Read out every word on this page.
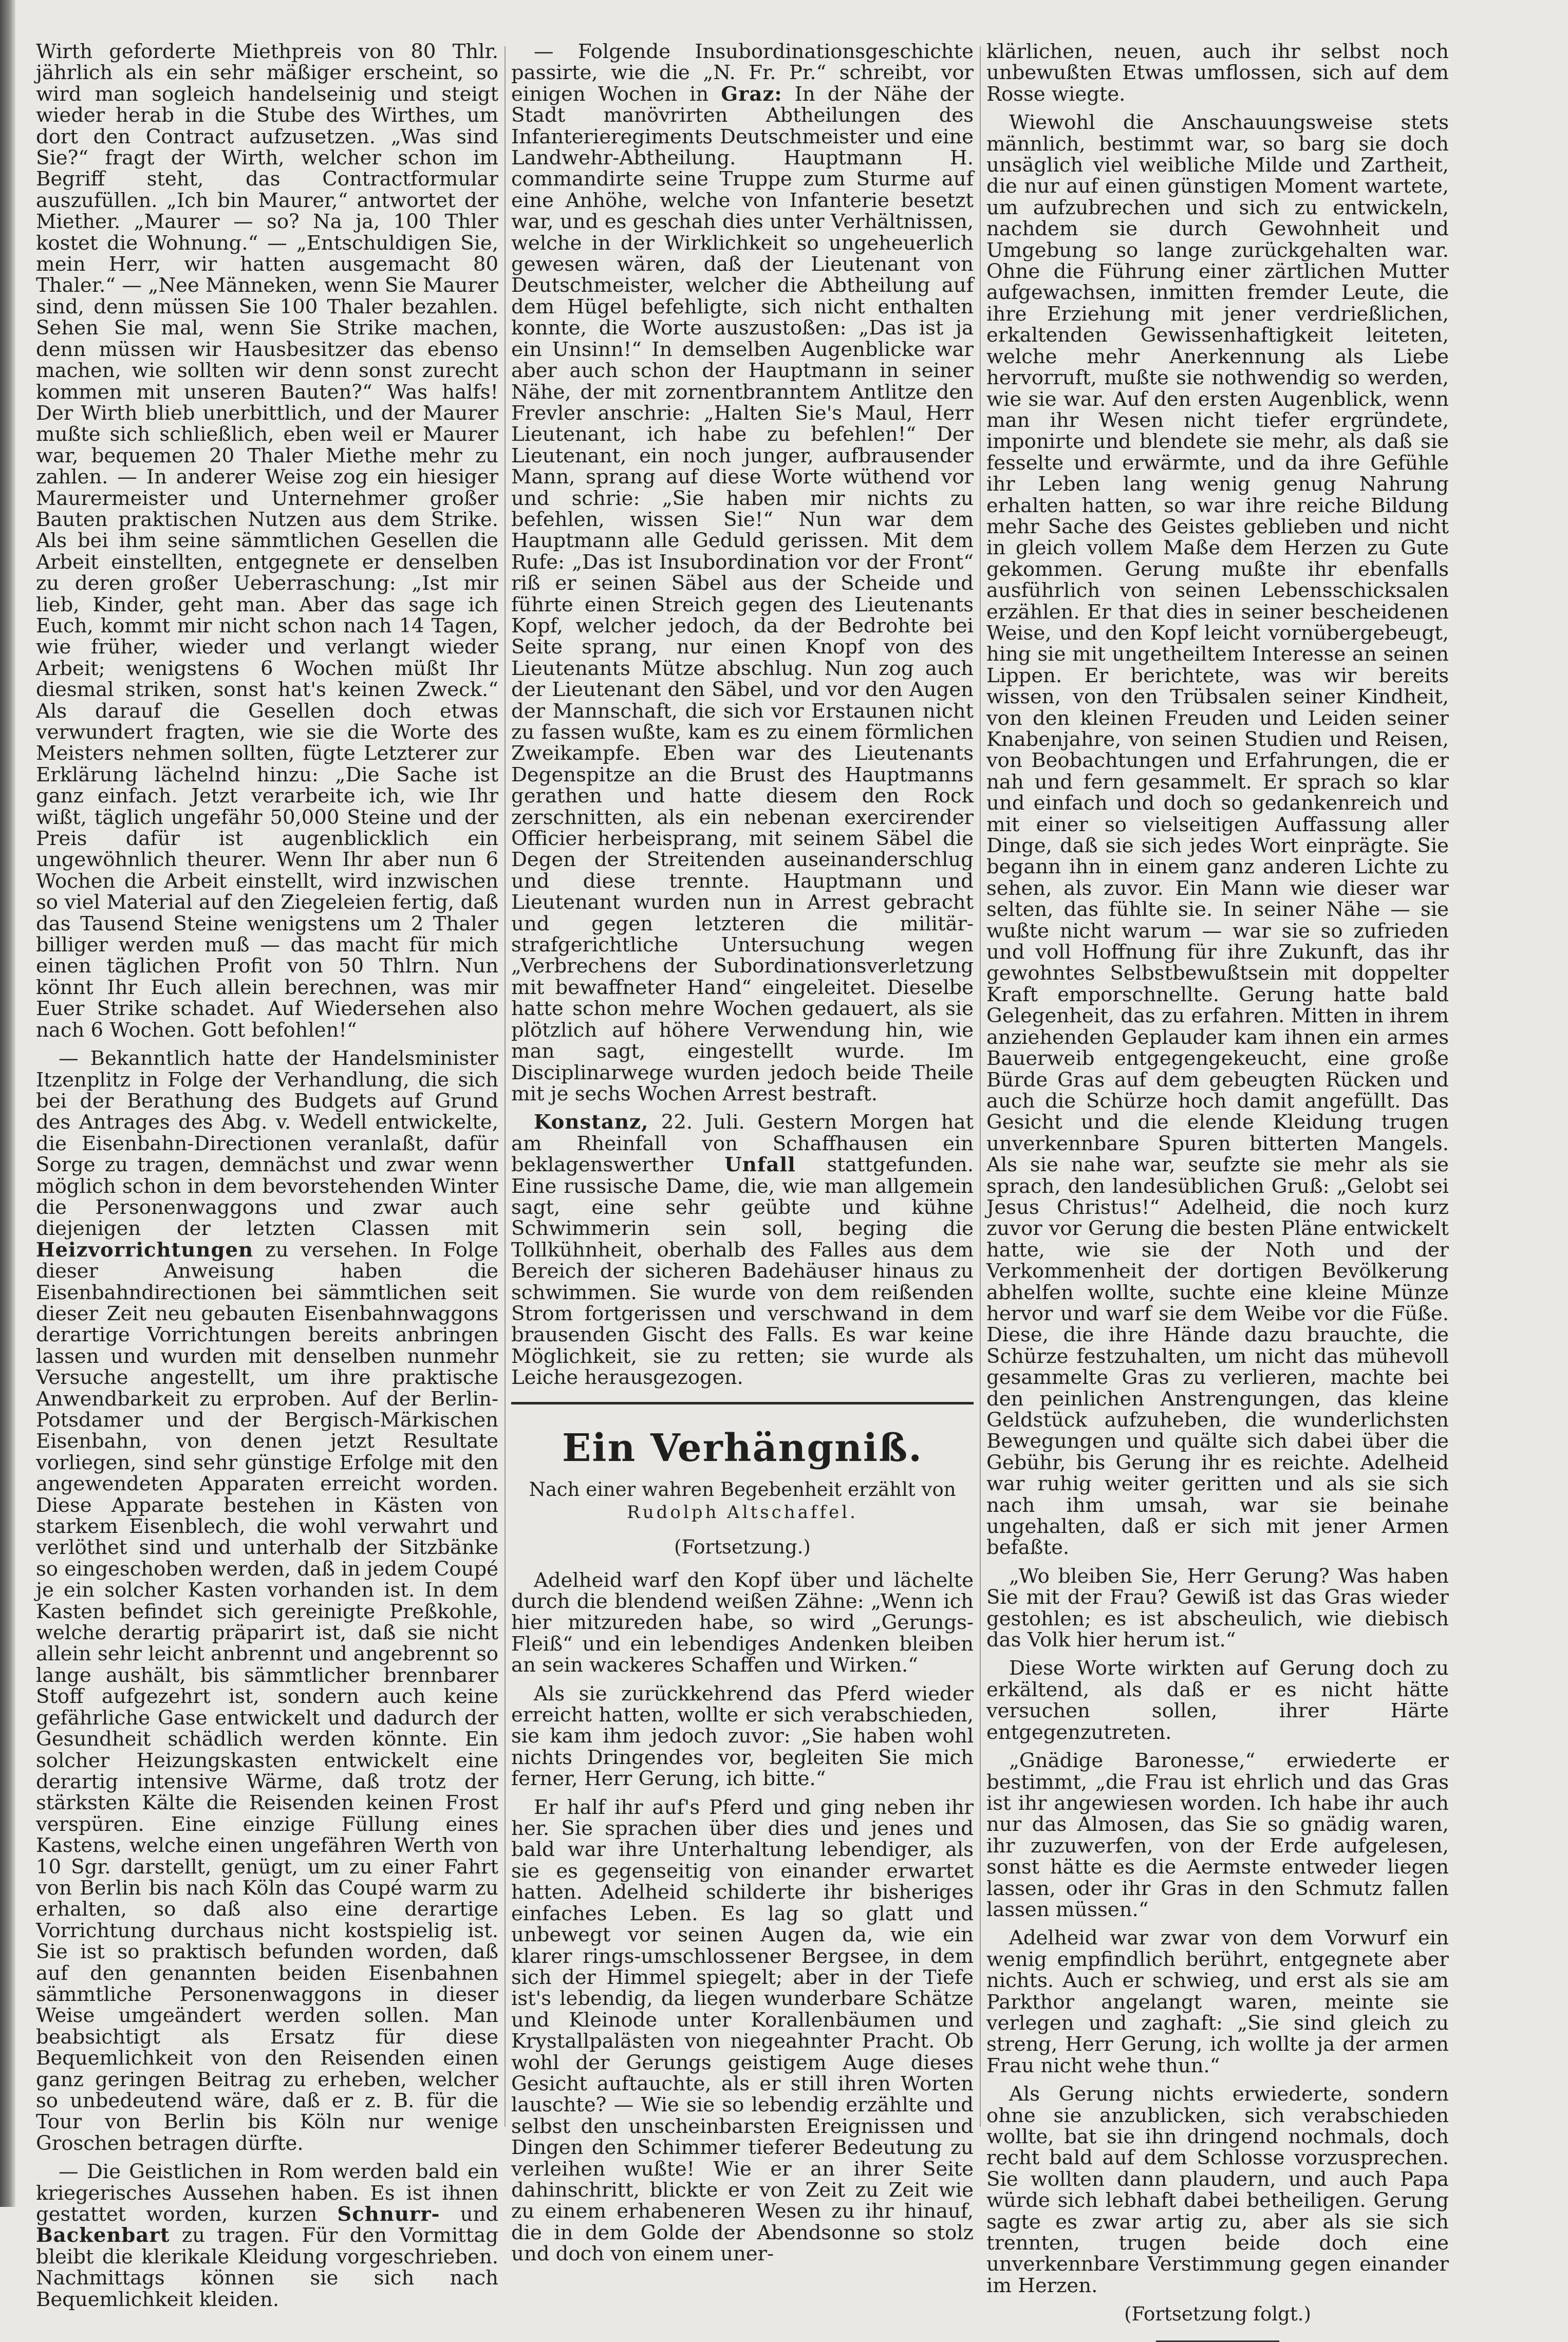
Wirth geforderte Miethpreis von 80 Thlr. jährlich als ein sehr mäßiger erscheint, so wird man sogleich handelseinig und steigt wieder herab in die Stube des Wirthes, um dort den Contract aufzusetzen. „Was sind Sie?“ fragt der Wirth, welcher schon im Begriff steht, das Contractformular auszufüllen. „Ich bin Maurer,“ antwortet der Miether. „Maurer — so? Na ja, 100 Thler kostet die Wohnung.“ — „Entschuldigen Sie, mein Herr, wir hatten ausgemacht 80 Thaler.“ — „Nee Männeken, wenn Sie Maurer sind, denn müssen Sie 100 Thaler bezahlen. Sehen Sie mal, wenn Sie Strike machen, denn müssen wir Hausbesitzer das ebenso machen, wie sollten wir denn sonst zurecht kommen mit unseren Bauten?“ Was halfs! Der Wirth blieb unerbittlich, und der Maurer mußte sich schließlich, eben weil er Maurer war, bequemen 20 Thaler Miethe mehr zu zahlen. — In anderer Weise zog ein hiesiger Maurermeister und Unternehmer großer Bauten praktischen Nutzen aus dem Strike. Als bei ihm seine sämmtlichen Gesellen die Arbeit einstellten, entgegnete er denselben zu deren großer Ueberraschung: „Ist mir lieb, Kinder, geht man. Aber das sage ich Euch, kommt mir nicht schon nach 14 Tagen, wie früher, wieder und verlangt wieder Arbeit; wenigstens 6 Wochen müßt Ihr diesmal striken, sonst hat's keinen Zweck.“ Als darauf die Gesellen doch etwas verwundert fragten, wie sie die Worte des Meisters nehmen sollten, fügte Letzterer zur Erklärung lächelnd hinzu: „Die Sache ist ganz einfach. Jetzt verarbeite ich, wie Ihr wißt, täglich ungefähr 50,000 Steine und der Preis dafür ist augenblicklich ein ungewöhnlich theurer. Wenn Ihr aber nun 6 Wochen die Arbeit einstellt, wird inzwischen so viel Material auf den Ziegeleien fertig, daß das Tausend Steine wenigstens um 2 Thaler billiger werden muß — das macht für mich einen täglichen Profit von 50 Thlrn. Nun könnt Ihr Euch allein berechnen, was mir Euer Strike schadet. Auf Wiedersehen also nach 6 Wochen. Gott befohlen!“

— Bekanntlich hatte der Handelsminister Itzenplitz in Folge der Verhandlung, die sich bei der Berathung des Budgets auf Grund des Antrages des Abg. v. Wedell entwickelte, die Eisenbahn-Directionen veranlaßt, dafür Sorge zu tragen, demnächst und zwar wenn möglich schon in dem bevorstehenden Winter die Personenwaggons und zwar auch diejenigen der letzten Classen mit Heizvorrichtungen zu versehen. In Folge dieser Anweisung haben die Eisenbahndirectionen bei sämmtlichen seit dieser Zeit neu gebauten Eisenbahnwaggons derartige Vorrichtungen bereits anbringen lassen und wurden mit denselben nunmehr Versuche angestellt, um ihre praktische Anwendbarkeit zu erproben. Auf der Berlin-Potsdamer und der Bergisch-Märkischen Eisenbahn, von denen jetzt Resultate vorliegen, sind sehr günstige Erfolge mit den angewendeten Apparaten erreicht worden. Diese Apparate bestehen in Kästen von starkem Eisenblech, die wohl verwahrt und verlöthet sind und unterhalb der Sitzbänke so eingeschoben werden, daß in jedem Coupé je ein solcher Kasten vorhanden ist. In dem Kasten befindet sich gereinigte Preßkohle, welche derartig präparirt ist, daß sie nicht allein sehr leicht anbrennt und angebrennt so lange aushält, bis sämmtlicher brennbarer Stoff aufgezehrt ist, sondern auch keine gefährliche Gase entwickelt und dadurch der Gesundheit schädlich werden könnte. Ein solcher Heizungskasten entwickelt eine derartig intensive Wärme, daß trotz der stärksten Kälte die Reisenden keinen Frost verspüren. Eine einzige Füllung eines Kastens, welche einen ungefähren Werth von 10 Sgr. darstellt, genügt, um zu einer Fahrt von Berlin bis nach Köln das Coupé warm zu erhalten, so daß also eine derartige Vorrichtung durchaus nicht kostspielig ist. Sie ist so praktisch befunden worden, daß auf den genannten beiden Eisenbahnen sämmtliche Personenwaggons in dieser Weise umgeändert werden sollen. Man beabsichtigt als Ersatz für diese Bequemlichkeit von den Reisenden einen ganz geringen Beitrag zu erheben, welcher so unbedeutend wäre, daß er z. B. für die Tour von Berlin bis Köln nur wenige Groschen betragen dürfte.

— Die Geistlichen in Rom werden bald ein kriegerisches Aussehen haben. Es ist ihnen gestattet worden, kurzen Schnurr- und Backenbart zu tragen. Für den Vormittag bleibt die klerikale Kleidung vorgeschrieben. Nachmittags können sie sich nach Bequemlichkeit kleiden.

— Folgende Insubordinationsgeschichte passirte, wie die „N. Fr. Pr.“ schreibt, vor einigen Wochen in Graz: In der Nähe der Stadt manövrirten Abtheilungen des Infanterieregiments Deutschmeister und eine Landwehr-Abtheilung. Hauptmann H. commandirte seine Truppe zum Sturme auf eine Anhöhe, welche von Infanterie besetzt war, und es geschah dies unter Verhältnissen, welche in der Wirklichkeit so ungeheuerlich gewesen wären, daß der Lieutenant von Deutschmeister, welcher die Abtheilung auf dem Hügel befehligte, sich nicht enthalten konnte, die Worte auszustoßen: „Das ist ja ein Unsinn!“ In demselben Augenblicke war aber auch schon der Hauptmann in seiner Nähe, der mit zornentbranntem Antlitze den Frevler anschrie: „Halten Sie's Maul, Herr Lieutenant, ich habe zu befehlen!“ Der Lieutenant, ein noch junger, aufbrausender Mann, sprang auf diese Worte wüthend vor und schrie: „Sie haben mir nichts zu befehlen, wissen Sie!“ Nun war dem Hauptmann alle Geduld gerissen. Mit dem Rufe: „Das ist Insubordination vor der Front“ riß er seinen Säbel aus der Scheide und führte einen Streich gegen des Lieutenants Kopf, welcher jedoch, da der Bedrohte bei Seite sprang, nur einen Knopf von des Lieutenants Mütze abschlug. Nun zog auch der Lieutenant den Säbel, und vor den Augen der Mannschaft, die sich vor Erstaunen nicht zu fassen wußte, kam es zu einem förmlichen Zweikampfe. Eben war des Lieutenants Degenspitze an die Brust des Hauptmanns gerathen und hatte diesem den Rock zerschnitten, als ein nebenan exercirender Officier herbeisprang, mit seinem Säbel die Degen der Streitenden auseinanderschlug und diese trennte. Hauptmann und Lieutenant wurden nun in Arrest gebracht und gegen letzteren die militär-strafgerichtliche Untersuchung wegen „Verbrechens der Subordinationsverletzung mit bewaffneter Hand“ eingeleitet. Dieselbe hatte schon mehre Wochen gedauert, als sie plötzlich auf höhere Verwendung hin, wie man sagt, eingestellt wurde. Im Disciplinarwege wurden jedoch beide Theile mit je sechs Wochen Arrest bestraft.

Konstanz, 22. Juli. Gestern Morgen hat am Rheinfall von Schaffhausen ein beklagenswerther Unfall stattgefunden. Eine russische Dame, die, wie man allgemein sagt, eine sehr geübte und kühne Schwimmerin sein soll, beging die Tollkühnheit, oberhalb des Falles aus dem Bereich der sicheren Badehäuser hinaus zu schwimmen. Sie wurde von dem reißenden Strom fortgerissen und verschwand in dem brausenden Gischt des Falls. Es war keine Möglichkeit, sie zu retten; sie wurde als Leiche herausgezogen.

Ein Verhängniß.
Nach einer wahren Begebenheit erzählt von
Rudolph Altschaffel.
(Fortsetzung.)

Adelheid warf den Kopf über und lächelte durch die blendend weißen Zähne: „Wenn ich hier mitzureden habe, so wird „Gerungs-Fleiß“ und ein lebendiges Andenken bleiben an sein wackeres Schaffen und Wirken.“

Als sie zurückkehrend das Pferd wieder erreicht hatten, wollte er sich verabschieden, sie kam ihm jedoch zuvor: „Sie haben wohl nichts Dringendes vor, begleiten Sie mich ferner, Herr Gerung, ich bitte.“

Er half ihr auf's Pferd und ging neben ihr her. Sie sprachen über dies und jenes und bald war ihre Unterhaltung lebendiger, als sie es gegenseitig von einander erwartet hatten. Adelheid schilderte ihr bisheriges einfaches Leben. Es lag so glatt und unbewegt vor seinen Augen da, wie ein klarer rings-umschlossener Bergsee, in dem sich der Himmel spiegelt; aber in der Tiefe ist's lebendig, da liegen wunderbare Schätze und Kleinode unter Korallenbäumen und Krystallpalästen von niegeahnter Pracht. Ob wohl der Gerungs geistigem Auge dieses Gesicht auftauchte, als er still ihren Worten lauschte? — Wie sie so lebendig erzählte und selbst den unscheinbarsten Ereignissen und Dingen den Schimmer tieferer Bedeutung zu verleihen wußte! Wie er an ihrer Seite dahinschritt, blickte er von Zeit zu Zeit wie zu einem erhabeneren Wesen zu ihr hinauf, die in dem Golde der Abendsonne so stolz und doch von einem uner-

klärlichen, neuen, auch ihr selbst noch unbewußten Etwas umflossen, sich auf dem Rosse wiegte.

Wiewohl die Anschauungsweise stets männlich, bestimmt war, so barg sie doch unsäglich viel weibliche Milde und Zartheit, die nur auf einen günstigen Moment wartete, um aufzubrechen und sich zu entwickeln, nachdem sie durch Gewohnheit und Umgebung so lange zurückgehalten war. Ohne die Führung einer zärtlichen Mutter aufgewachsen, inmitten fremder Leute, die ihre Erziehung mit jener verdrießlichen, erkaltenden Gewissenhaftigkeit leiteten, welche mehr Anerkennung als Liebe hervorruft, mußte sie nothwendig so werden, wie sie war. Auf den ersten Augenblick, wenn man ihr Wesen nicht tiefer ergründete, imponirte und blendete sie mehr, als daß sie fesselte und erwärmte, und da ihre Gefühle ihr Leben lang wenig genug Nahrung erhalten hatten, so war ihre reiche Bildung mehr Sache des Geistes geblieben und nicht in gleich vollem Maße dem Herzen zu Gute gekommen. Gerung mußte ihr ebenfalls ausführlich von seinen Lebensschicksalen erzählen. Er that dies in seiner bescheidenen Weise, und den Kopf leicht vornübergebeugt, hing sie mit ungetheiltem Interesse an seinen Lippen. Er berichtete, was wir bereits wissen, von den Trübsalen seiner Kindheit, von den kleinen Freuden und Leiden seiner Knabenjahre, von seinen Studien und Reisen, von Beobachtungen und Erfahrungen, die er nah und fern gesammelt. Er sprach so klar und einfach und doch so gedankenreich und mit einer so vielseitigen Auffassung aller Dinge, daß sie sich jedes Wort einprägte. Sie begann ihn in einem ganz anderen Lichte zu sehen, als zuvor. Ein Mann wie dieser war selten, das fühlte sie. In seiner Nähe — sie wußte nicht warum — war sie so zufrieden und voll Hoffnung für ihre Zukunft, das ihr gewohntes Selbstbewußtsein mit doppelter Kraft emporschnellte. Gerung hatte bald Gelegenheit, das zu erfahren. Mitten in ihrem anziehenden Geplauder kam ihnen ein armes Bauerweib entgegengekeucht, eine große Bürde Gras auf dem gebeugten Rücken und auch die Schürze hoch damit angefüllt. Das Gesicht und die elende Kleidung trugen unverkennbare Spuren bitterten Mangels. Als sie nahe war, seufzte sie mehr als sie sprach, den landesüblichen Gruß: „Gelobt sei Jesus Christus!“ Adelheid, die noch kurz zuvor vor Gerung die besten Pläne entwickelt hatte, wie sie der Noth und der Verkommenheit der dortigen Bevölkerung abhelfen wollte, suchte eine kleine Münze hervor und warf sie dem Weibe vor die Füße. Diese, die ihre Hände dazu brauchte, die Schürze festzuhalten, um nicht das mühevoll gesammelte Gras zu verlieren, machte bei den peinlichen Anstrengungen, das kleine Geldstück aufzuheben, die wunderlichsten Bewegungen und quälte sich dabei über die Gebühr, bis Gerung ihr es reichte. Adelheid war ruhig weiter geritten und als sie sich nach ihm umsah, war sie beinahe ungehalten, daß er sich mit jener Armen befaßte.

„Wo bleiben Sie, Herr Gerung? Was haben Sie mit der Frau? Gewiß ist das Gras wieder gestohlen; es ist abscheulich, wie diebisch das Volk hier herum ist.“

Diese Worte wirkten auf Gerung doch zu erkältend, als daß er es nicht hätte versuchen sollen, ihrer Härte entgegenzutreten.

„Gnädige Baronesse,“ erwiederte er bestimmt, „die Frau ist ehrlich und das Gras ist ihr angewiesen worden. Ich habe ihr auch nur das Almosen, das Sie so gnädig waren, ihr zuzuwerfen, von der Erde aufgelesen, sonst hätte es die Aermste entweder liegen lassen, oder ihr Gras in den Schmutz fallen lassen müssen.“

Adelheid war zwar von dem Vorwurf ein wenig empfindlich berührt, entgegnete aber nichts. Auch er schwieg, und erst als sie am Parkthor angelangt waren, meinte sie verlegen und zaghaft: „Sie sind gleich zu streng, Herr Gerung, ich wollte ja der armen Frau nicht wehe thun.“

Als Gerung nichts erwiederte, sondern ohne sie anzublicken, sich verabschieden wollte, bat sie ihn dringend nochmals, doch recht bald auf dem Schlosse vorzusprechen. Sie wollten dann plaudern, und auch Papa würde sich lebhaft dabei betheiligen. Gerung sagte es zwar artig zu, aber als sie sich trennten, trugen beide doch eine unverkennbare Verstimmung gegen einander im Herzen.

(Fortsetzung folgt.)
